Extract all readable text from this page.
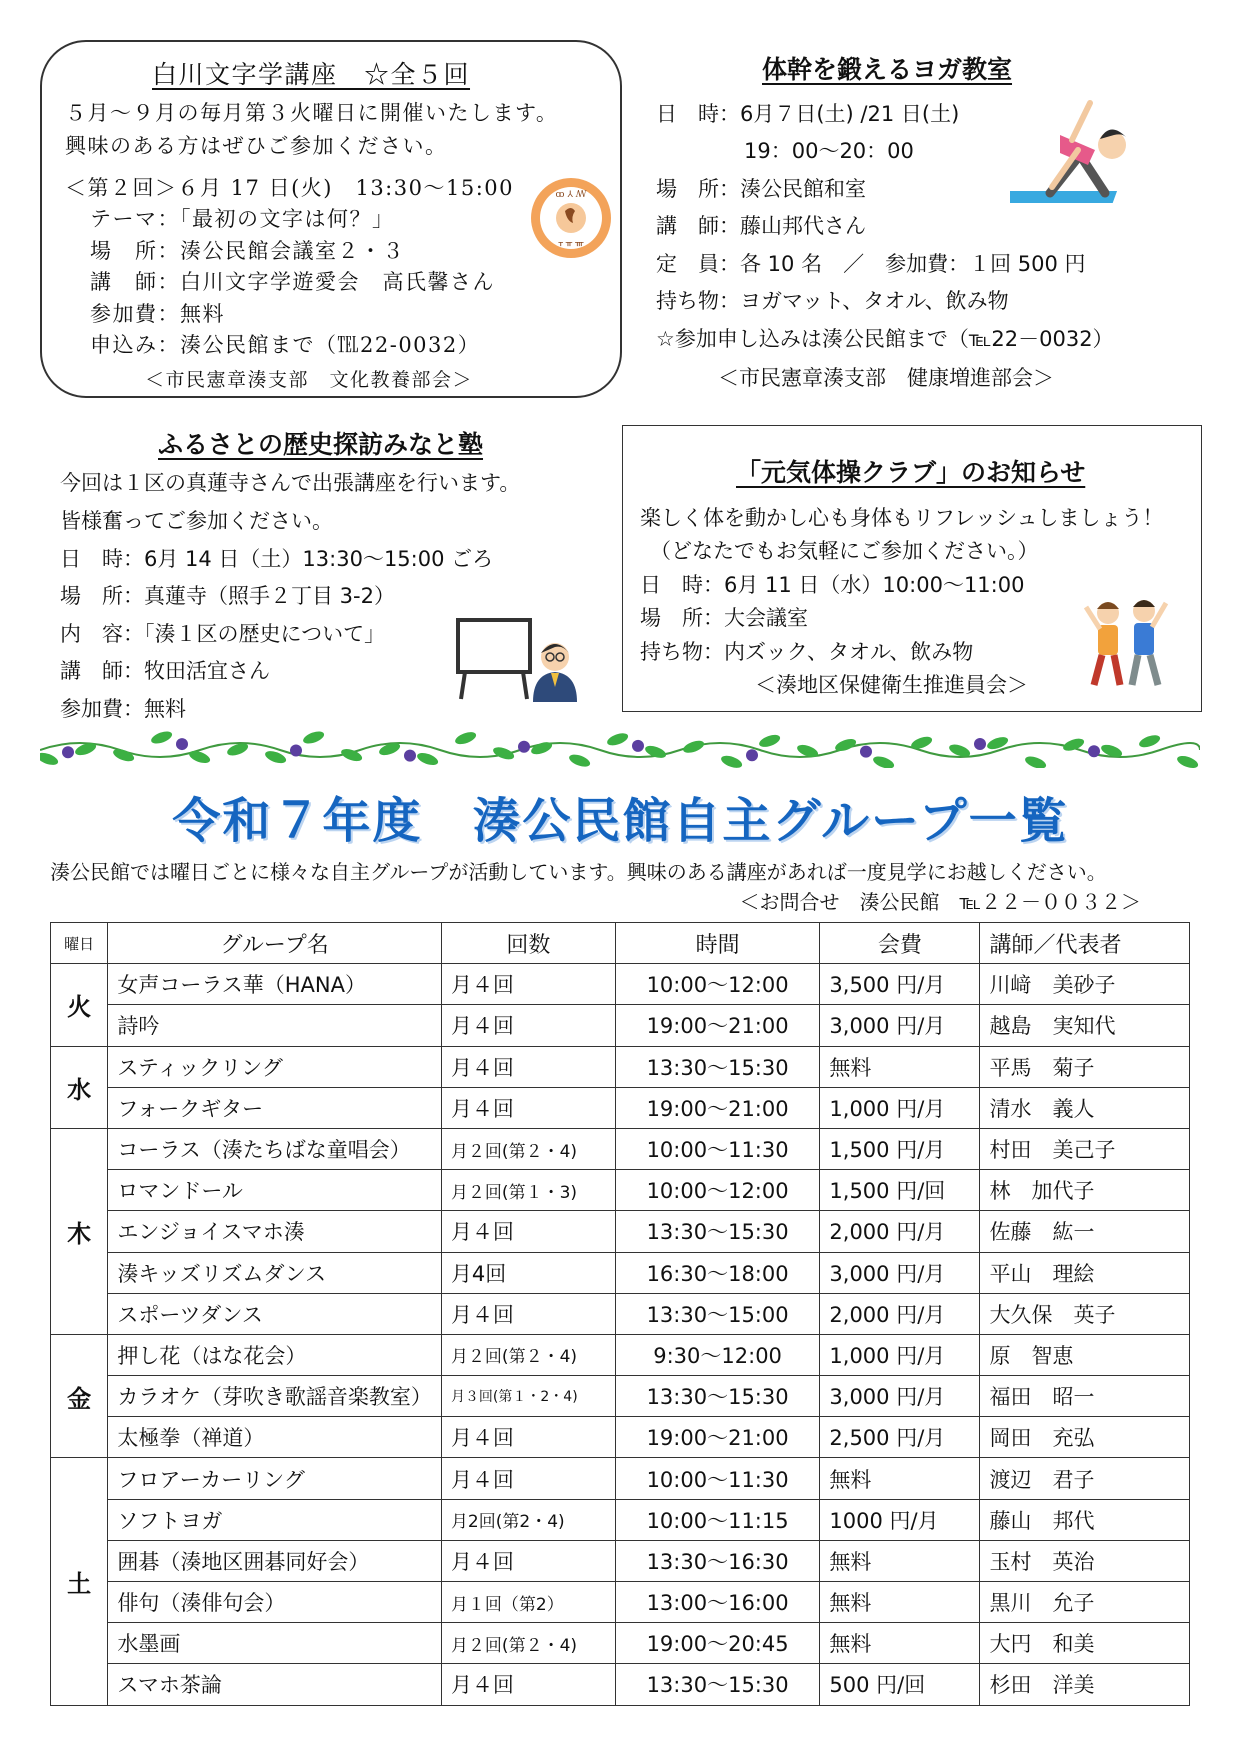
白川文字学講座　☆全５回
５月～９月の毎月第３火曜日に開催いたします。
興味のある方はぜひご参加ください。
＜第２回＞６月 17 日(火)　13:30～15:00
テーマ：「最初の文字は何？」
場　所：湊公民館会議室２・３
講　師：白川文字学遊愛会　高氏馨さん
参加費：無料
申込み：湊公民館まで（℡22-0032）
＜市民憲章湊支部　文化教養部会＞
ꝏ ⅄ ꟿ
ᚁ ᚂ ᚃ
体幹を鍛えるヨガ教室
日　時：6月７日(土) /21 日(土)
19：00～20：00
場　所：湊公民館和室
講　師：藤山邦代さん
定　員：各 10 名　／　参加費：１回 500 円
持ち物：ヨガマット、タオル、飲み物
☆参加申し込みは湊公民館まで（℡22－0032）
＜市民憲章湊支部　健康増進部会＞
ふるさとの歴史探訪みなと塾
今回は１区の真蓮寺さんで出張講座を行います。
皆様奮ってご参加ください。
日　時：6月 14 日（土）13:30～15:00 ごろ
場　所：真蓮寺（照手２丁目 3-2）
内　容：「湊１区の歴史について」
講　師：牧田活宜さん
参加費：無料
「元気体操クラブ」のお知らせ
楽しく体を動かし心も身体もリフレッシュしましょう！
（どなたでもお気軽にご参加ください。）
日　時：6月 11 日（水）10:00～11:00
場　所：大会議室
持ち物：内ズック、タオル、飲み物
＜湊地区保健衛生推進員会＞
令和７年度　湊公民館自主グループ一覧
湊公民館では曜日ごとに様々な自主グループが活動しています。興味のある講座があれば一度見学にお越しください。
＜お問合せ　湊公民館　℡２２－００３２＞
曜日	グループ名	回数	時間	会費	講師／代表者
火	女声コーラス華（HANA）	月４回	10:00～12:00	3,500 円/月	川﨑　美砂子
	詩吟	月４回	19:00～21:00	3,000 円/月	越島　実知代
水	スティックリング	月４回	13:30～15:30	無料	平馬　菊子
	フォークギター	月４回	19:00～21:00	1,000 円/月	清水　義人
木	コーラス（湊たちばな童唱会）	月２回(第２・4)	10:00～11:30	1,500 円/月	村田　美己子
	ロマンドール	月２回(第１・3)	10:00～12:00	1,500 円/回	林　加代子
	エンジョイスマホ湊	月４回	13:30～15:30	2,000 円/月	佐藤　紘一
	湊キッズリズムダンス	月4回	16:30～18:00	3,000 円/月	平山　理絵
	スポーツダンス	月４回	13:30～15:00	2,000 円/月	大久保　英子
金	押し花（はな花会）	月２回(第２・4)	9:30～12:00	1,000 円/月	原　智恵
	カラオケ（芽吹き歌謡音楽教室）	月３回(第１・2・4)	13:30～15:30	3,000 円/月	福田　昭一
	太極拳（禅道）	月４回	19:00～21:00	2,500 円/月	岡田　充弘
土	フロアーカーリング	月４回	10:00～11:30	無料	渡辺　君子
	ソフトヨガ	月2回(第2・4)	10:00～11:15	1000 円/月	藤山　邦代
	囲碁（湊地区囲碁同好会）	月４回	13:30～16:30	無料	玉村　英治
	俳句（湊俳句会）	月１回（第2）	13:00～16:00	無料	黒川　允子
	水墨画	月２回(第２・4)	19:00～20:45	無料	大円　和美
	スマホ茶論	月４回	13:30～15:30	500 円/回	杉田　洋美
